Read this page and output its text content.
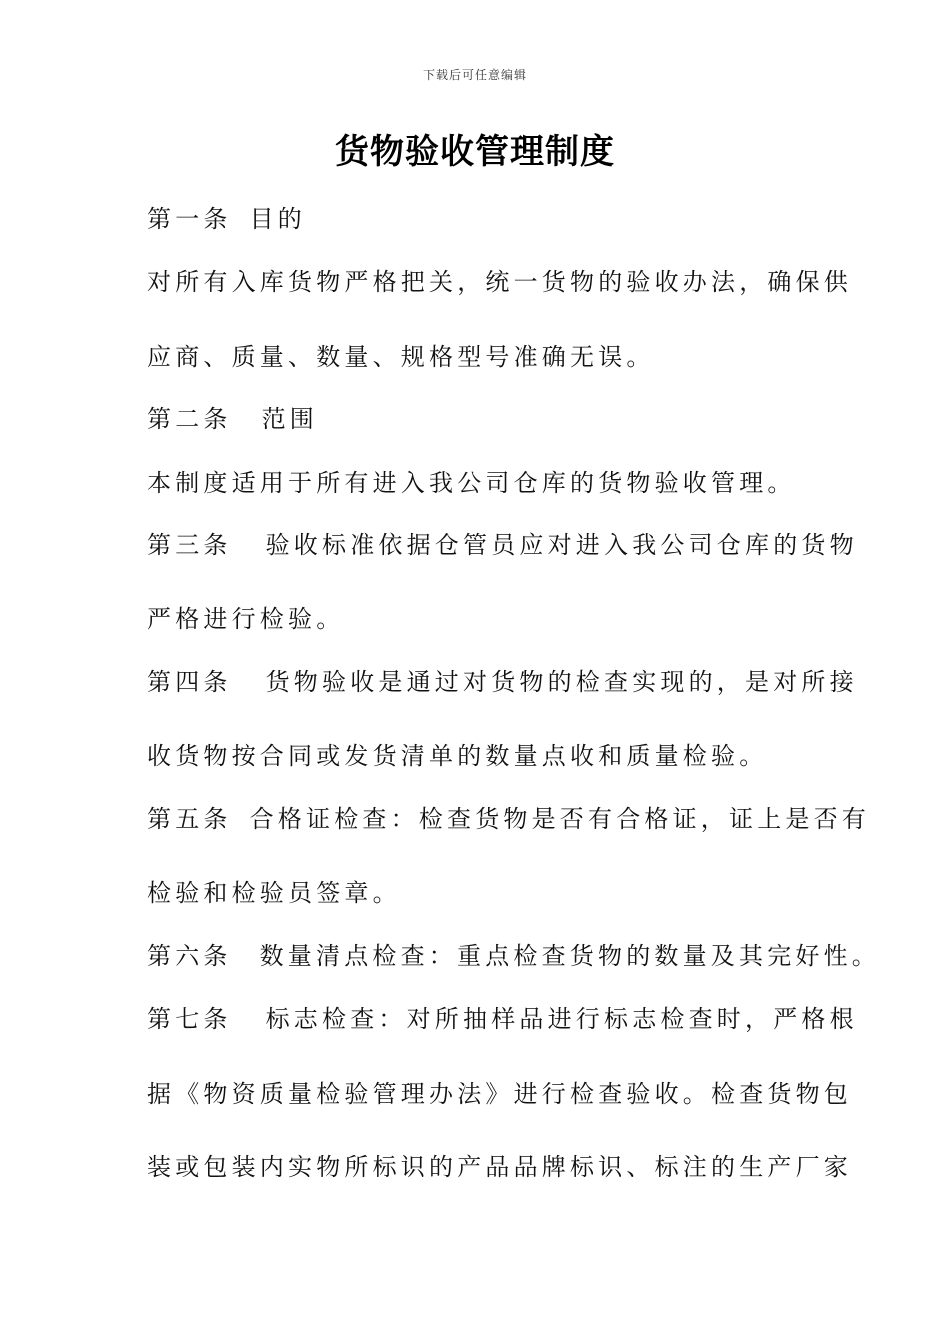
下载后可任意编辑
货物验收管理制度
第一条 目的
对所有入库货物严格把关，统一货物的验收办法，确保供
应商、质量、数量、规格型号准确无误。
第二条 范围
本制度适用于所有进入我公司仓库的货物验收管理。
第三条 验收标准依据仓管员应对进入我公司仓库的货物
严格进行检验。
第四条 货物验收是通过对货物的检查实现的，是对所接
收货物按合同或发货清单的数量点收和质量检验。
第五条 合格证检查：检查货物是否有合格证，证上是否有
检验和检验员签章。
第六条 数量清点检查：重点检查货物的数量及其完好性。
第七条 标志检查：对所抽样品进行标志检查时，严格根
据《物资质量检验管理办法》进行检查验收。检查货物包
装或包装内实物所标识的产品品牌标识、标注的生产厂家
